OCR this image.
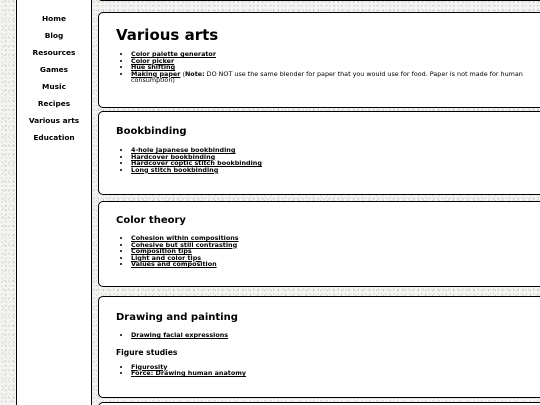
Home
Blog
Resources
Games
Music
Recipes
Various arts
Education
Various arts
• Color palette generator
• Color picker
• Hue shifting
• Making paper (Note: DO NOT use the same blender for paper that you would use for food. Paper is not made for human consumption)
Bookbinding
• 4-hole Japanese bookbinding
• Hardcover bookbinding
• Hardcover coptic stitch bookbinding
• Long stitch bookbinding
Color theory
• Cohesion within compositions
• Cohesive but still contrasting
• Composition tips
• Light and color tips
• Values and composition
Drawing and painting
• Drawing facial expressions
Figure studies
• Figurosity
• Force: Drawing human anatomy
